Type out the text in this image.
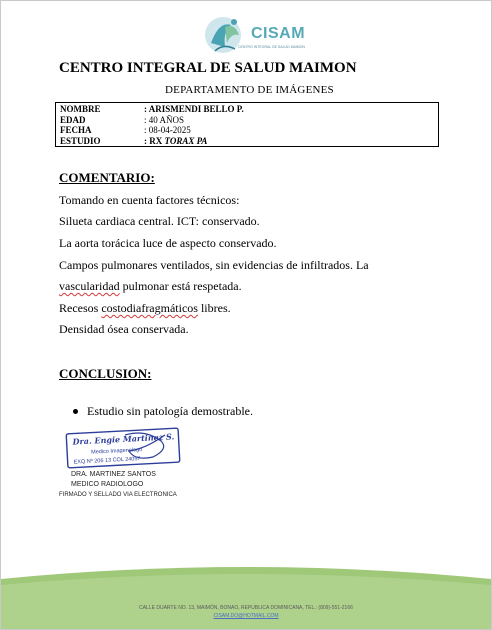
CISAM
CENTRO INTEGRAL DE SALUD MAIMON
CENTRO INTEGRAL DE SALUD MAIMON
DEPARTAMENTO DE IMÁGENES
NOMBRE	: ARISMENDI BELLO P.
EDAD	: 40 AÑOS
FECHA	: 08-04-2025
ESTUDIO	: RX TORAX PA
COMENTARIO:
Tomando en cuenta factores técnicos:
Silueta cardiaca central. ICT: conservado.
La aorta torácica luce de aspecto conservado.
Campos pulmonares ventilados, sin evidencias de infiltrados. La
vascularidad pulmonar está respetada.
Recesos costodiafragmáticos libres.
Densidad ósea conservada.
CONCLUSION:
Estudio sin patología demostrable.
Dra. Engie Martinez S.
Medico Imagenologo
EXQ Nº 206 13 COL 24057
DRA. MARTINEZ SANTOS
MEDICO RADIOLOGO
FIRMADO Y SELLADO VIA ELECTRONICA
CALLE DUARTE NO. 13, MAIMÓN, BONAO, REPUBLICA DOMINICANA, TEL.: (809)-551-2166
CISAM.DO@HOTMAIL.COM
